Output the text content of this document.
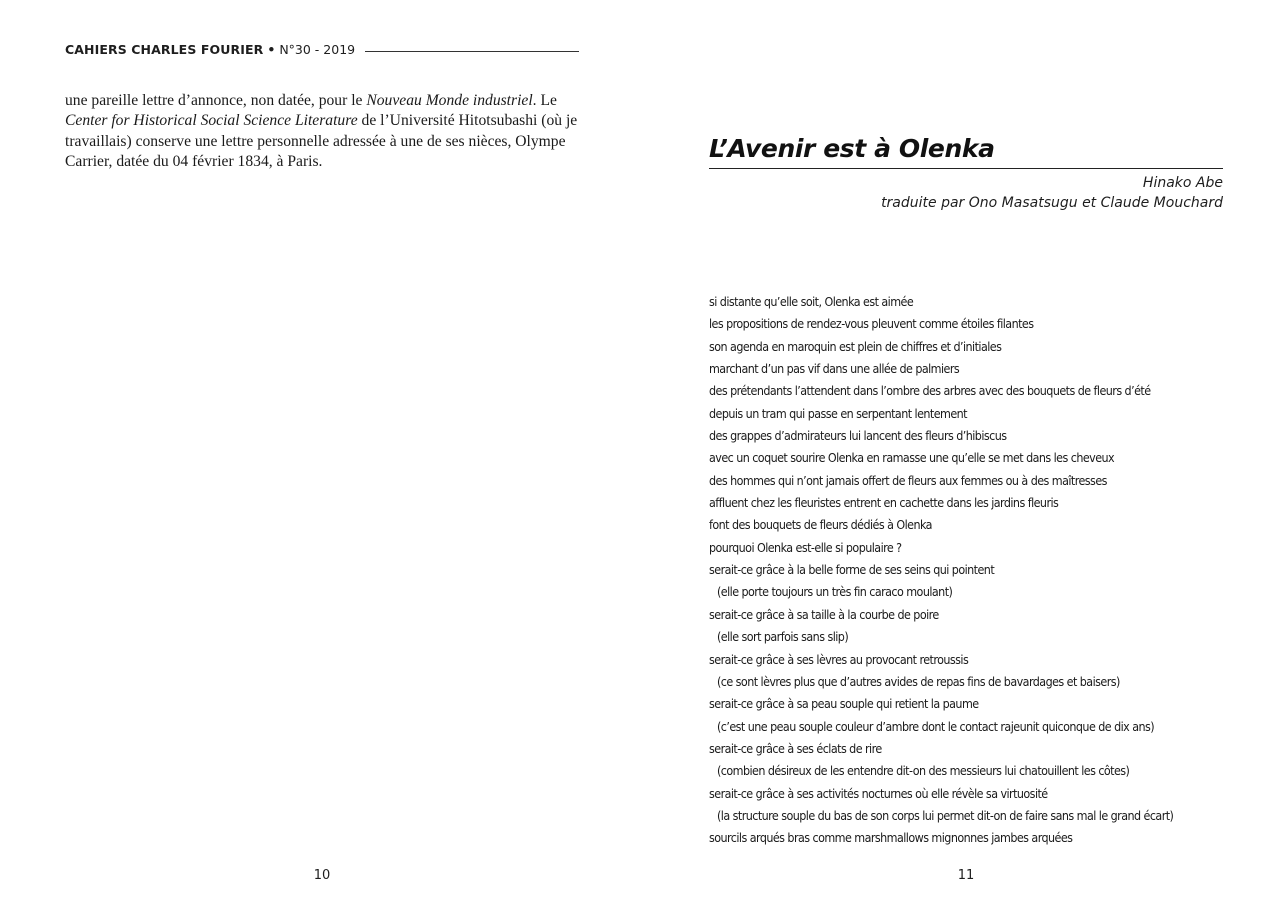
CAHIERS CHARLES FOURIER • N°30 - 2019

une pareille lettre d’annonce, non datée, pour le Nouveau Monde industriel. Le Center for Historical Social Science Literature de l’Université Hitotsubashi (où je travaillais) conserve une lettre personnelle adressée à une de ses nièces, Olympe Carrier, datée du 04 février 1834, à Paris.

10
L’Avenir est à Olenka
Hinako Abe
traduite par Ono Masatsugu et Claude Mouchard
si distante qu’elle soit, Olenka est aimée
les propositions de rendez-vous pleuvent comme étoiles filantes
son agenda en maroquin est plein de chiffres et d’initiales
marchant d’un pas vif dans une allée de palmiers
des prétendants l’attendent dans l’ombre des arbres avec des bouquets de fleurs d’été
depuis un tram qui passe en serpentant lentement
des grappes d’admirateurs lui lancent des fleurs d’hibiscus
avec un coquet sourire Olenka en ramasse une qu’elle se met dans les cheveux
des hommes qui n’ont jamais offert de fleurs aux femmes ou à des maîtresses
affluent chez les fleuristes entrent en cachette dans les jardins fleuris
font des bouquets de fleurs dédiés à Olenka
pourquoi Olenka est-elle si populaire ?
serait-ce grâce à la belle forme de ses seins qui pointent
(elle porte toujours un très fin caraco moulant)
serait-ce grâce à sa taille à la courbe de poire
(elle sort parfois sans slip)
serait-ce grâce à ses lèvres au provocant retroussis
(ce sont lèvres plus que d’autres avides de repas fins de bavardages et baisers)
serait-ce grâce à sa peau souple qui retient la paume
(c’est une peau souple couleur d’ambre dont le contact rajeunit quiconque de dix ans)
serait-ce grâce à ses éclats de rire
(combien désireux de les entendre dit-on des messieurs lui chatouillent les côtes)
serait-ce grâce à ses activités nocturnes où elle révèle sa virtuosité
(la structure souple du bas de son corps lui permet dit-on de faire sans mal le grand écart)
sourcils arqués bras comme marshmallows mignonnes jambes arquées
11
